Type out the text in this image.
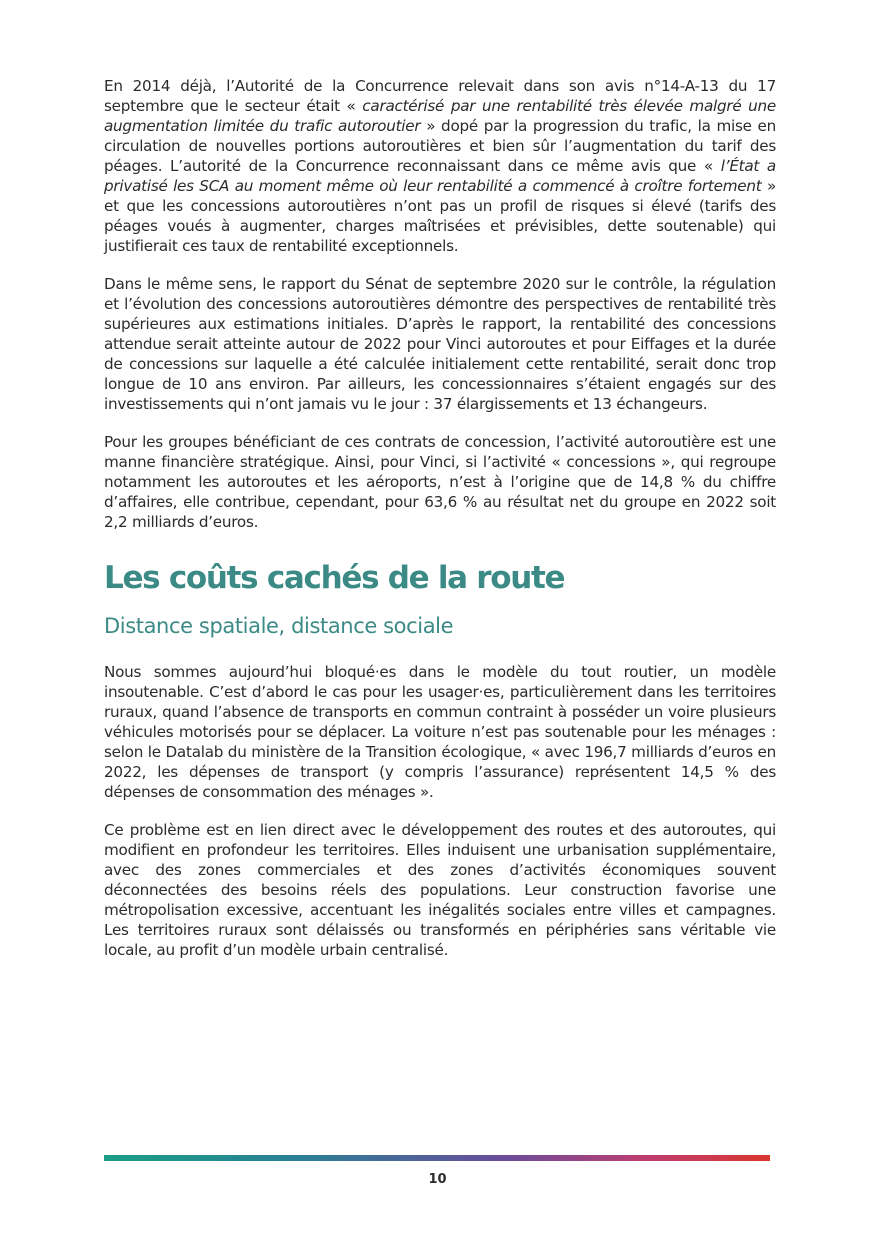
En 2014 déjà, l’Autorité de la Concurrence relevait dans son avis n°14-A-13 du 17 septembre que le secteur était « caractérisé par une rentabilité très élevée malgré une augmentation limitée du trafic autoroutier » dopé par la progression du trafic, la mise en circulation de nouvelles portions autoroutières et bien sûr l’augmentation du tarif des péages. L’autorité de la Concurrence reconnaissant dans ce même avis que « l’État a privatisé les SCA au moment même où leur rentabilité a commencé à croître fortement » et que les concessions autoroutières n’ont pas un profil de risques si élevé (tarifs des péages voués à augmenter, charges maîtrisées et prévisibles, dette soutenable) qui justifierait ces taux de rentabilité exceptionnels.

Dans le même sens, le rapport du Sénat de septembre 2020 sur le contrôle, la régulation et l’évolution des concessions autoroutières démontre des perspectives de rentabilité très supérieures aux estimations initiales. D’après le rapport, la rentabilité des concessions attendue serait atteinte autour de 2022 pour Vinci autoroutes et pour Eiffages et la durée de concessions sur laquelle a été calculée initialement cette rentabilité, serait donc trop longue de 10 ans environ. Par ailleurs, les concessionnaires s’étaient engagés sur des investissements qui n’ont jamais vu le jour : 37 élargissements et 13 échangeurs.

Pour les groupes bénéficiant de ces contrats de concession, l’activité autoroutière est une manne financière stratégique. Ainsi, pour Vinci, si l’activité « concessions », qui regroupe notamment les autoroutes et les aéroports, n’est à l’origine que de 14,8 % du chiffre d’affaires, elle contribue, cependant, pour 63,6 % au résultat net du groupe en 2022 soit 2,2 milliards d’euros.

Les coûts cachés de la route
Distance spatiale, distance sociale

Nous sommes aujourd’hui bloqué·es dans le modèle du tout routier, un modèle insoutenable. C’est d’abord le cas pour les usager·es, particulièrement dans les territoires ruraux, quand l’absence de transports en commun contraint à posséder un voire plusieurs véhicules motorisés pour se déplacer. La voiture n’est pas soutenable pour les ménages : selon le Datalab du ministère de la Transition écologique, « avec 196,7 milliards d’euros en 2022, les dépenses de transport (y compris l’assurance) représentent 14,5 % des dépenses de consommation des ménages ».

Ce problème est en lien direct avec le développement des routes et des autoroutes, qui modifient en profondeur les territoires. Elles induisent une urbanisation supplémentaire, avec des zones commerciales et des zones d’activités économiques souvent déconnectées des besoins réels des populations. Leur construction favorise une métropolisation excessive, accentuant les inégalités sociales entre villes et campagnes. Les territoires ruraux sont délaissés ou transformés en périphéries sans véritable vie locale, au profit d’un modèle urbain centralisé.

10
